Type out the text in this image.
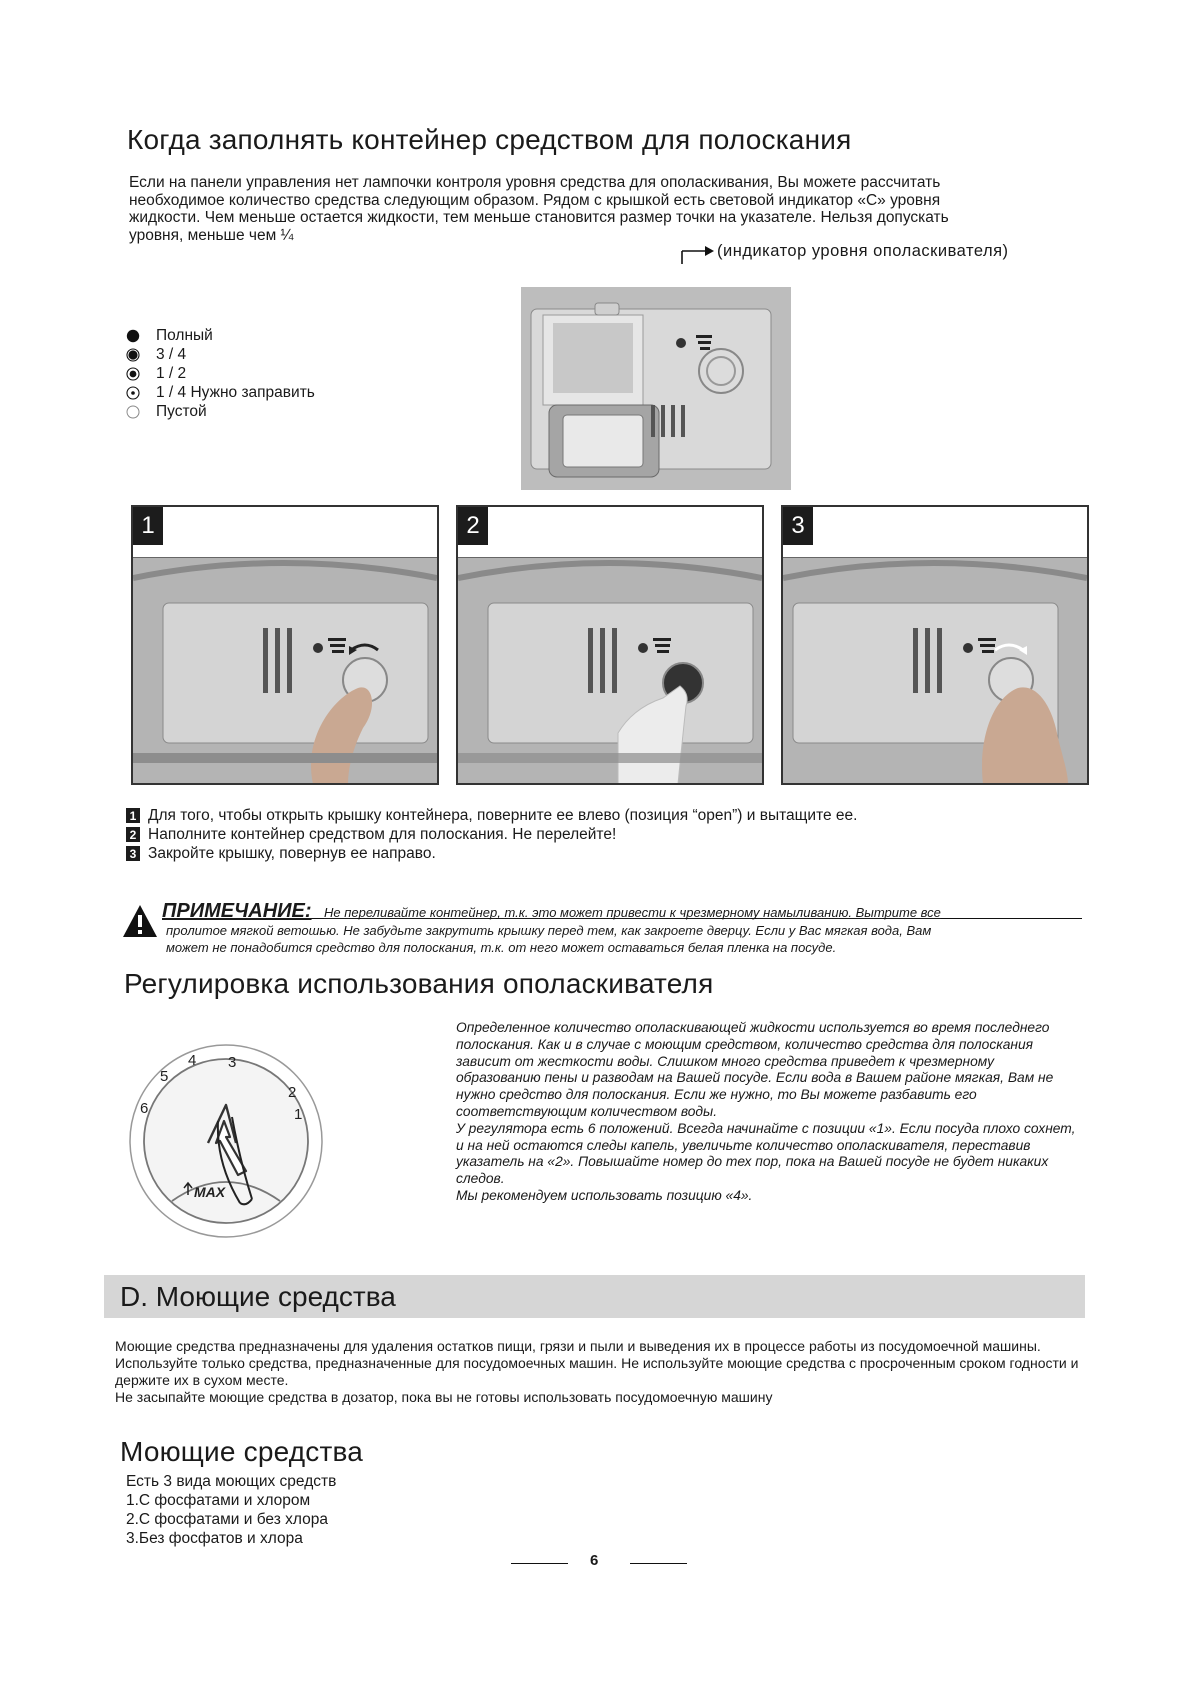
Когда заполнять контейнер средством для полоскания
Если на панели управления нет лампочки контроля уровня средства для ополаскивания, Вы можете рассчитать необходимое количество средства следующим образом. Рядом с крышкой есть световой индикатор «С» уровня жидкости. Чем меньше остается жидкости, тем меньше становится размер точки на указателе. Нельзя допускать уровня, меньше чем ¼
(индикатор уровня ополаскивателя)
Полный
3 / 4
1 / 2
1 / 4 Нужно заправить
Пустой
1	2	3
1 Для того, чтобы открыть крышку контейнера, поверните ее влево (позиция “open”) и вытащите ее.
2 Наполните контейнер средством для полоскания. Не перелейте!
3 Закройте крышку, повернув ее направо.
ПРИМЕЧАНИЕ: Не переливайте контейнер, т.к. это может привести к чрезмерному намыливанию. Вытрите все
пролитое мягкой ветошью. Не забудьте закрутить крышку перед тем, как закроете дверцу. Если у Вас мягкая вода, Вам
может не понадобится средство для полоскания, т.к. от него может оставаться белая пленка на посуде.
Регулировка использования ополаскивателя
2
1
3
4
5
6
MAX
Определенное количество ополаскивающей жидкости используется во время последнего полоскания. Как и в случае с моющим средством, количество средства для полоскания зависит от жесткости воды. Слишком много средства приведет к чрезмерному образованию пены и разводам на Вашей посуде. Если вода в Вашем районе мягкая, Вам не нужно средство для полоскания. Если же нужно, то Вы можете разбавить его соответствующим количеством воды.
У регулятора есть 6 положений. Всегда начинайте с позиции «1». Если посуда плохо сохнет, и на ней остаются следы капель, увеличьте количество ополаскивателя, переставив указатель на «2». Повышайте номер до тех пор, пока на Вашей посуде не будет никаких следов.
Мы рекомендуем использовать позицию «4».
D. Моющие средства
Моющие средства предназначены для удаления остатков пищи, грязи и пыли и выведения их в процессе работы из посудомоечной машины.
Используйте только средства, предназначенные для посудомоечных машин. Не используйте моющие средства с просроченным сроком годности и держите их в сухом месте.
Не засыпайте моющие средства в дозатор, пока вы не готовы использовать посудомоечную машину
Моющие средства
Есть 3 вида моющих средств
1.С фосфатами и хлором
2.С фосфатами и без хлора
3.Без фосфатов и хлора
6
